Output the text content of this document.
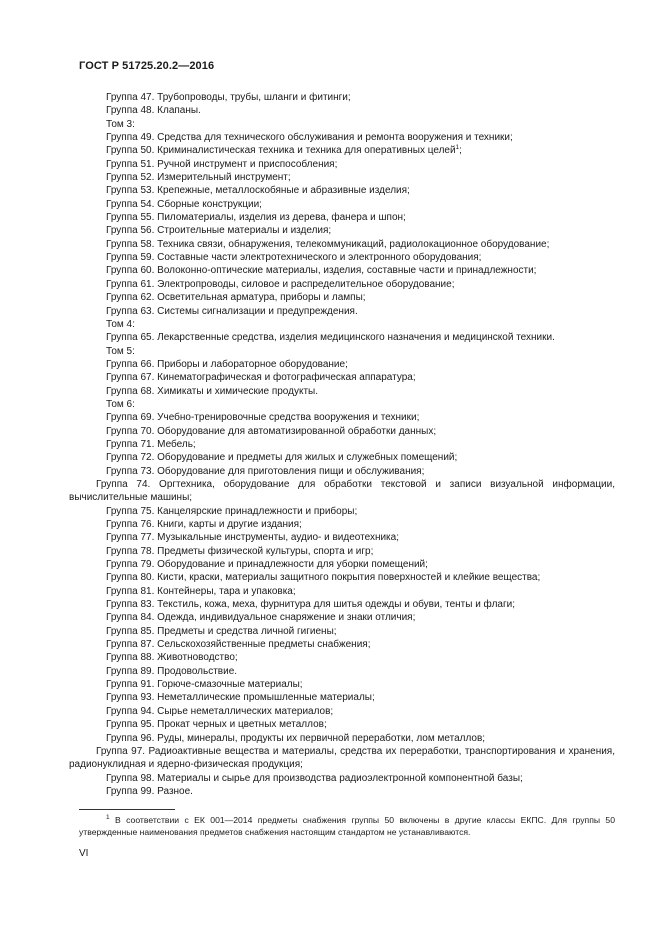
ГОСТ Р 51725.20.2—2016
Группа 47. Трубопроводы, трубы, шланги и фитинги;
Группа 48. Клапаны.
Том 3:
Группа 49. Средства для технического обслуживания и ремонта вооружения и техники;
Группа 50. Криминалистическая техника и техника для оперативных целей$^1$;
Группа 51. Ручной инструмент и приспособления;
Группа 52. Измерительный инструмент;
Группа 53. Крепежные, металлоскобяные и абразивные изделия;
Группа 54. Сборные конструкции;
Группа 55. Пиломатериалы, изделия из дерева, фанера и шпон;
Группа 56. Строительные материалы и изделия;
Группа 58. Техника связи, обнаружения, телекоммуникаций, радиолокационное оборудование;
Группа 59. Составные части электротехнического и электронного оборудования;
Группа 60. Волоконно-оптические материалы, изделия, составные части и принадлежности;
Группа 61. Электропроводы, силовое и распределительное оборудование;
Группа 62. Осветительная арматура, приборы и лампы;
Группа 63. Системы сигнализации и предупреждения.
Том 4:
Группа 65. Лекарственные средства, изделия медицинского назначения и медицинской техники.
Том 5:
Группа 66. Приборы и лабораторное оборудование;
Группа 67. Кинематографическая и фотографическая аппаратура;
Группа 68. Химикаты и химические продукты.
Том 6:
Группа 69. Учебно-тренировочные средства вооружения и техники;
Группа 70. Оборудование для автоматизированной обработки данных;
Группа 71. Мебель;
Группа 72. Оборудование и предметы для жилых и служебных помещений;
Группа 73. Оборудование для приготовления пищи и обслуживания;
Группа 74. Оргтехника, оборудование для обработки текстовой и записи визуальной информации, вычислительные машины;
Группа 75. Канцелярские принадлежности и приборы;
Группа 76. Книги, карты и другие издания;
Группа 77. Музыкальные инструменты, аудио- и видеотехника;
Группа 78. Предметы физической культуры, спорта и игр;
Группа 79. Оборудование и принадлежности для уборки помещений;
Группа 80. Кисти, краски, материалы защитного покрытия поверхностей и клейкие вещества;
Группа 81. Контейнеры, тара и упаковка;
Группа 83. Текстиль, кожа, меха, фурнитура для шитья одежды и обуви, тенты и флаги;
Группа 84. Одежда, индивидуальное снаряжение и знаки отличия;
Группа 85. Предметы и средства личной гигиены;
Группа 87. Сельскохозяйственные предметы снабжения;
Группа 88. Животноводство;
Группа 89. Продовольствие.
Группа 91. Горюче-смазочные материалы;
Группа 93. Неметаллические промышленные материалы;
Группа 94. Сырье неметаллических материалов;
Группа 95. Прокат черных и цветных металлов;
Группа 96. Руды, минералы, продукты их первичной переработки, лом металлов;
Группа 97. Радиоактивные вещества и материалы, средства их переработки, транспортирования и хранения, радионуклидная и ядерно-физическая продукция;
Группа 98. Материалы и сырье для производства радиоэлектронной компонентной базы;
Группа 99. Разное.
$^1$ В соответствии с ЕК 001—2014 предметы снабжения группы 50 включены в другие классы ЕКПС. Для группы 50 утвержденные наименования предметов снабжения настоящим стандартом не устанавливаются.
VI
